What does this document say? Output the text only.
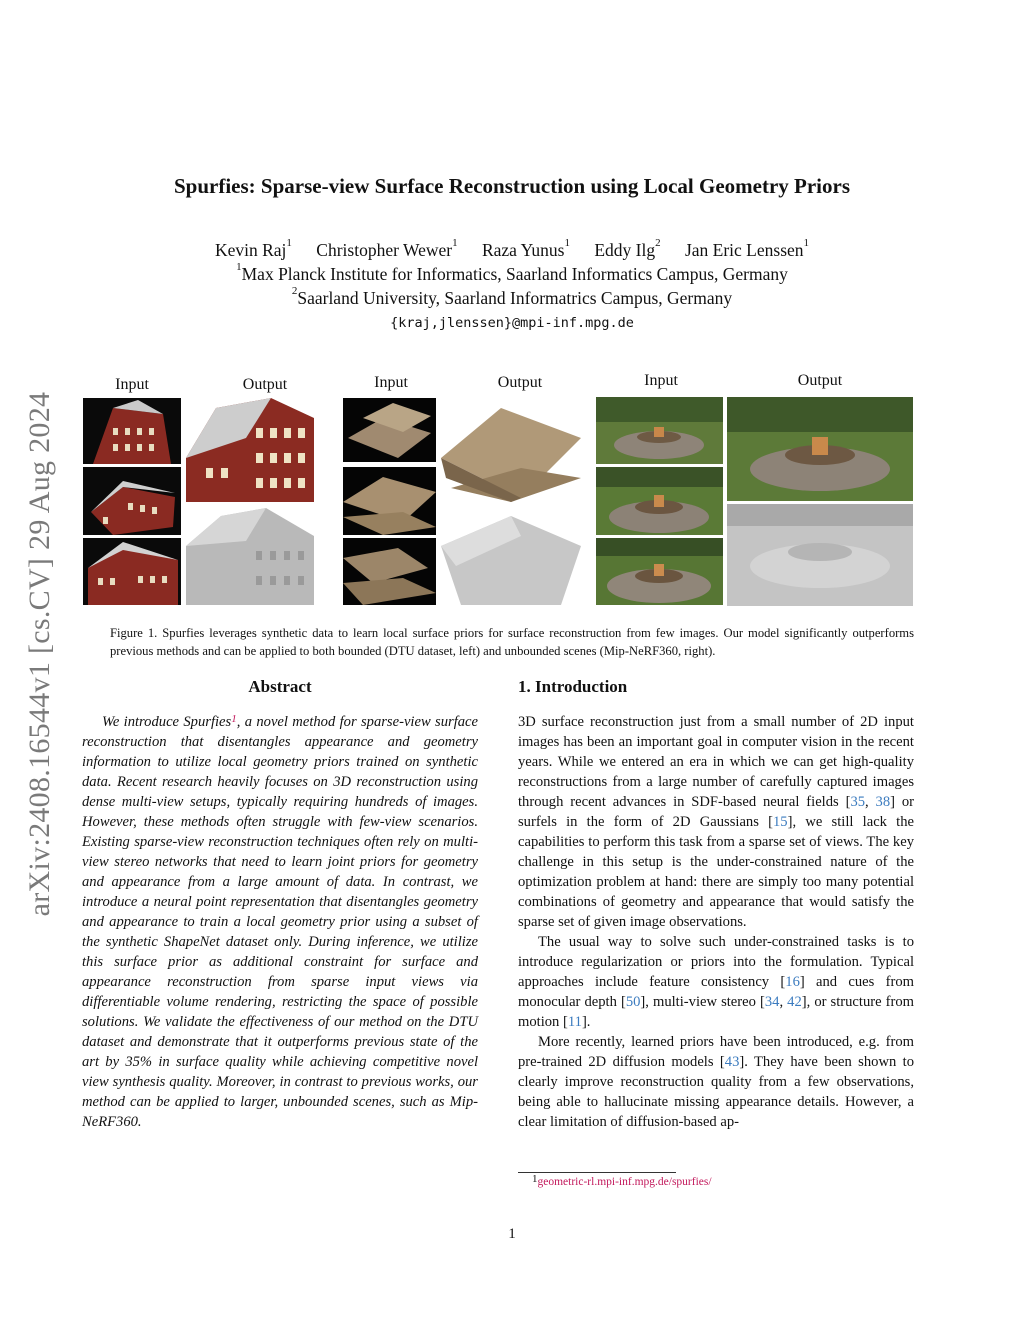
arXiv:2408.16544v1 [cs.CV] 29 Aug 2024
Spurfies: Sparse-view Surface Reconstruction using Local Geometry Priors
Kevin Raj$^1$ Christopher Wewer$^1$ Raza Yunus$^1$ Eddy Ilg$^2$ Jan Eric Lenssen$^1$
$^1$Max Planck Institute for Informatics, Saarland Informatics Campus, Germany
$^2$Saarland University, Saarland Informatrics Campus, Germany
{kraj,jlenssen}@mpi-inf.mpg.de
Input	Output	Input	Output	Input	Output
Figure 1. Spurfies leverages synthetic data to learn local surface priors for surface reconstruction from few images. Our model significantly outperforms previous methods and can be applied to both bounded (DTU dataset, left) and unbounded scenes (Mip-NeRF360, right).
Abstract
We introduce Spurfies$^1$, a novel method for sparse-view surface reconstruction that disentangles appearance and geometry information to utilize local geometry priors trained on synthetic data. Recent research heavily focuses on 3D reconstruction using dense multi-view setups, typically requiring hundreds of images. However, these methods often struggle with few-view scenarios. Existing sparse-view reconstruction techniques often rely on multi-view stereo networks that need to learn joint priors for geometry and appearance from a large amount of data. In contrast, we introduce a neural point representation that disentangles geometry and appearance to train a local geometry prior using a subset of the synthetic ShapeNet dataset only. During inference, we utilize this surface prior as additional constraint for surface and appearance reconstruction from sparse input views via differentiable volume rendering, restricting the space of possible solutions. We validate the effectiveness of our method on the DTU dataset and demonstrate that it outperforms previous state of the art by 35% in surface quality while achieving competitive novel view synthesis quality. Moreover, in contrast to previous works, our method can be applied to larger, unbounded scenes, such as Mip-NeRF360.
1. Introduction

3D surface reconstruction just from a small number of 2D input images has been an important goal in computer vision in the recent years. While we entered an era in which we can get high-quality reconstructions from a large number of carefully captured images through recent advances in SDF-based neural fields [35, 38] or surfels in the form of 2D Gaussians [15], we still lack the capabilities to perform this task from a sparse set of views. The key challenge in this setup is the under-constrained nature of the optimization problem at hand: there are simply too many potential combinations of geometry and appearance that would satisfy the sparse set of given image observations.

The usual way to solve such under-constrained tasks is to introduce regularization or priors into the formulation. Typical approaches include feature consistency [16] and cues from monocular depth [50], multi-view stereo [34, 42], or structure from motion [11].

More recently, learned priors have been introduced, e.g. from pre-trained 2D diffusion models [43]. They have been shown to clearly improve reconstruction quality from a few observations, being able to hallucinate missing appearance details. However, a clear limitation of diffusion-based ap-

$^1$geometric-rl.mpi-inf.mpg.de/spurfies/
1
